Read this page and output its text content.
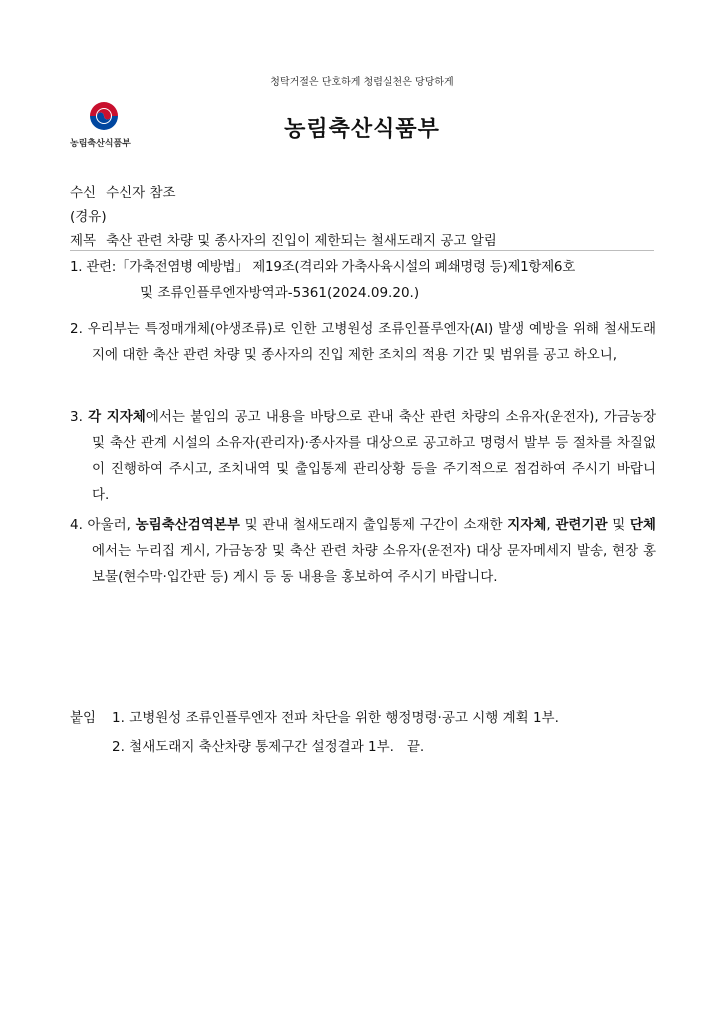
청탁거절은 단호하게 청렴실천은 당당하게
농림축산식품부
농림축산식품부
수신 수신자 참조
(경유)
제목 축산 관련 차량 및 종사자의 진입이 제한되는 철새도래지 공고 알림

1. 관련:「가축전염병 예방법」 제19조(격리와 가축사육시설의 폐쇄명령 등)제1항제6호

및 조류인플루엔자방역과-5361(2024.09.20.)

2. 우리부는 특정매개체(야생조류)로 인한 고병원성 조류인플루엔자(AI) 발생 예방을 위해 철새도래지에 대한 축산 관련 차량 및 종사자의 진입 제한 조치의 적용 기간 및 범위를 공고 하오니,

3. 각 지자체에서는 붙임의 공고 내용을 바탕으로 관내 축산 관련 차량의 소유자(운전자), 가금농장 및 축산 관계 시설의 소유자(관리자)·종사자를 대상으로 공고하고 명령서 발부 등 절차를 차질없이 진행하여 주시고, 조치내역 및 출입통제 관리상황 등을 주기적으로 점검하여 주시기 바랍니다.

4. 아울러, 농림축산검역본부 및 관내 철새도래지 출입통제 구간이 소재한 지자체, 관련기관 및 단체에서는 누리집 게시, 가금농장 및 축산 관련 차량 소유자(운전자) 대상 문자메세지 발송, 현장 홍보물(현수막·입간판 등) 게시 등 동 내용을 홍보하여 주시기 바랍니다.

붙임 1. 고병원성 조류인플루엔자 전파 차단을 위한 행정명령·공고 시행 계획 1부.
2. 철새도래지 축산차량 통제구간 설정결과 1부.   끝.
